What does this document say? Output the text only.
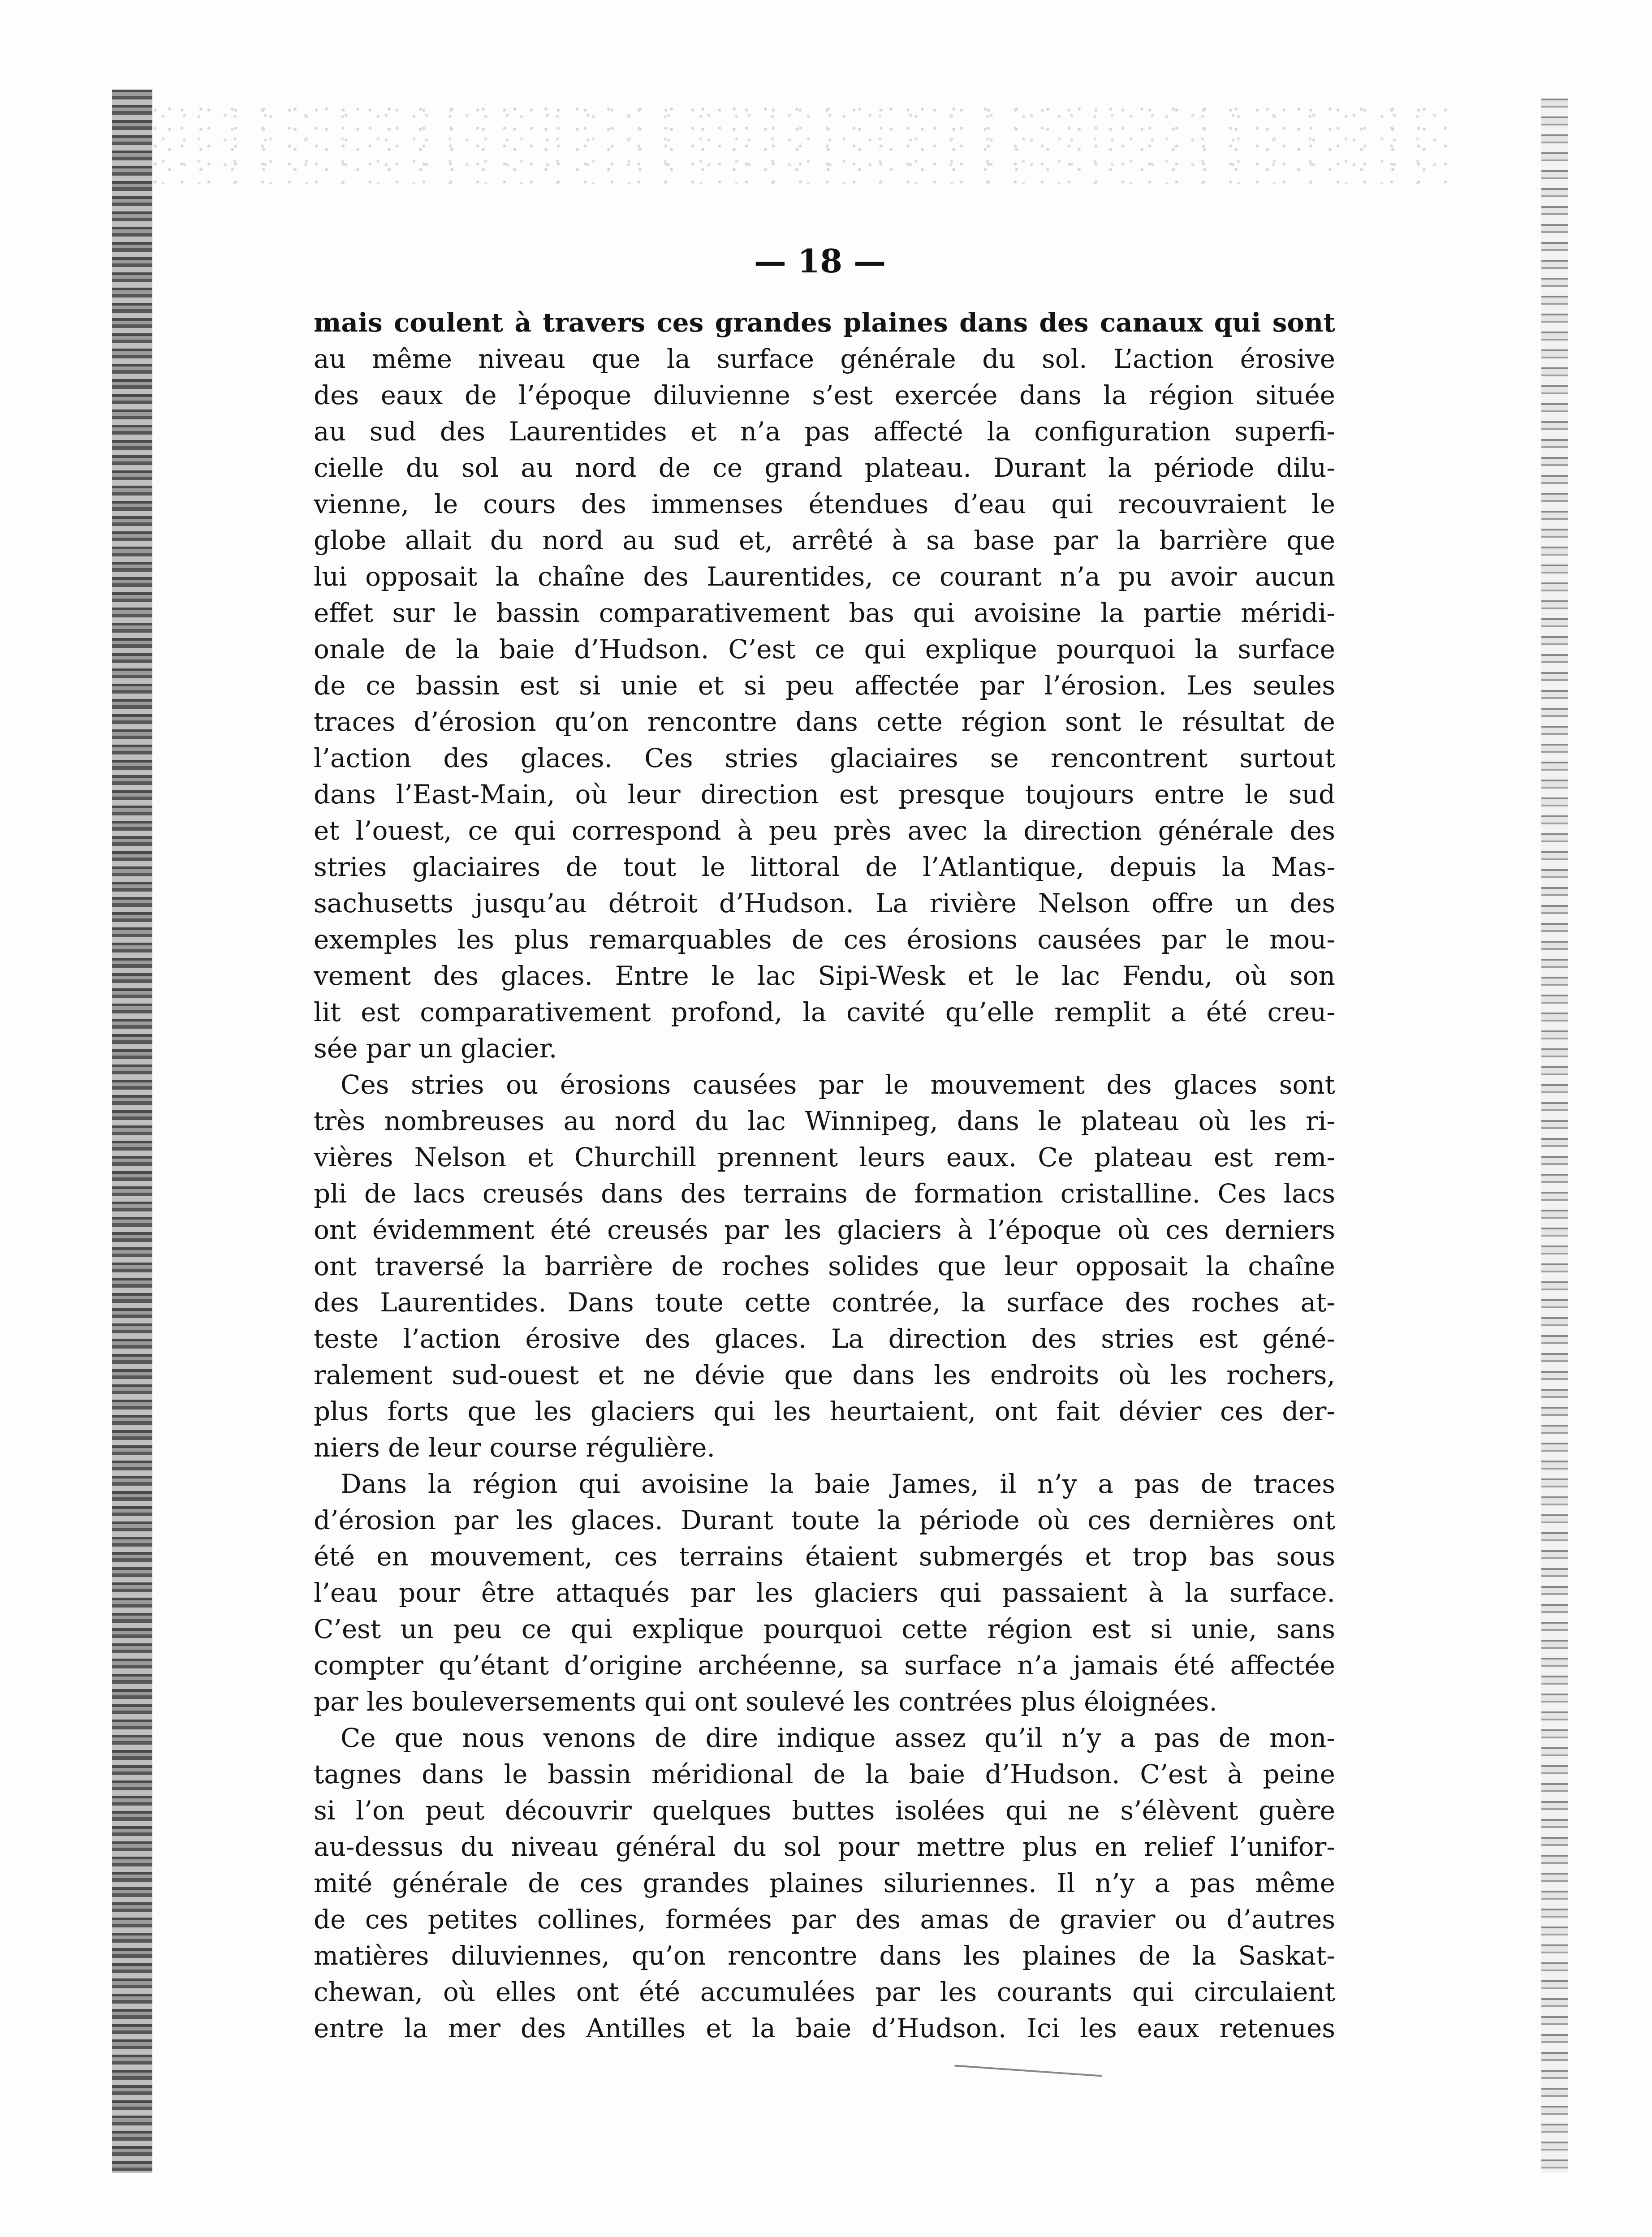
— 18 —
mais coulent à travers ces grandes plaines dans des canaux qui sont
au même niveau que la surface générale du sol. L’action érosive
des eaux de l’époque diluvienne s’est exercée dans la région située
au sud des Laurentides et n’a pas affecté la configuration superfi-
cielle du sol au nord de ce grand plateau. Durant la période dilu-
vienne, le cours des immenses étendues d’eau qui recouvraient le
globe allait du nord au sud et, arrêté à sa base par la barrière que
lui opposait la chaîne des Laurentides, ce courant n’a pu avoir aucun
effet sur le bassin comparativement bas qui avoisine la partie méridi-
onale de la baie d’Hudson. C’est ce qui explique pourquoi la surface
de ce bassin est si unie et si peu affectée par l’érosion. Les seules
traces d’érosion qu’on rencontre dans cette région sont le résultat de
l’action des glaces. Ces stries glaciaires se rencontrent surtout
dans l’East-Main, où leur direction est presque toujours entre le sud
et l’ouest, ce qui correspond à peu près avec la direction générale des
stries glaciaires de tout le littoral de l’Atlantique, depuis la Mas-
sachusetts jusqu’au détroit d’Hudson. La rivière Nelson offre un des
exemples les plus remarquables de ces érosions causées par le mou-
vement des glaces. Entre le lac Sipi-Wesk et le lac Fendu, où son
lit est comparativement profond, la cavité qu’elle remplit a été creu-
sée par un glacier.
Ces stries ou érosions causées par le mouvement des glaces sont
très nombreuses au nord du lac Winnipeg, dans le plateau où les ri-
vières Nelson et Churchill prennent leurs eaux. Ce plateau est rem-
pli de lacs creusés dans des terrains de formation cristalline. Ces lacs
ont évidemment été creusés par les glaciers à l’époque où ces derniers
ont traversé la barrière de roches solides que leur opposait la chaîne
des Laurentides. Dans toute cette contrée, la surface des roches at-
teste l’action érosive des glaces. La direction des stries est géné-
ralement sud-ouest et ne dévie que dans les endroits où les rochers,
plus forts que les glaciers qui les heurtaient, ont fait dévier ces der-
niers de leur course régulière.
Dans la région qui avoisine la baie James, il n’y a pas de traces
d’érosion par les glaces. Durant toute la période où ces dernières ont
été en mouvement, ces terrains étaient submergés et trop bas sous
l’eau pour être attaqués par les glaciers qui passaient à la surface.
C’est un peu ce qui explique pourquoi cette région est si unie, sans
compter qu’étant d’origine archéenne, sa surface n’a jamais été affectée
par les bouleversements qui ont soulevé les contrées plus éloignées.
Ce que nous venons de dire indique assez qu’il n’y a pas de mon-
tagnes dans le bassin méridional de la baie d’Hudson. C’est à peine
si l’on peut découvrir quelques buttes isolées qui ne s’élèvent guère
au-dessus du niveau général du sol pour mettre plus en relief l’unifor-
mité générale de ces grandes plaines siluriennes. Il n’y a pas même
de ces petites collines, formées par des amas de gravier ou d’autres
matières diluviennes, qu’on rencontre dans les plaines de la Saskat-
chewan, où elles ont été accumulées par les courants qui circulaient
entre la mer des Antilles et la baie d’Hudson. Ici les eaux retenues
